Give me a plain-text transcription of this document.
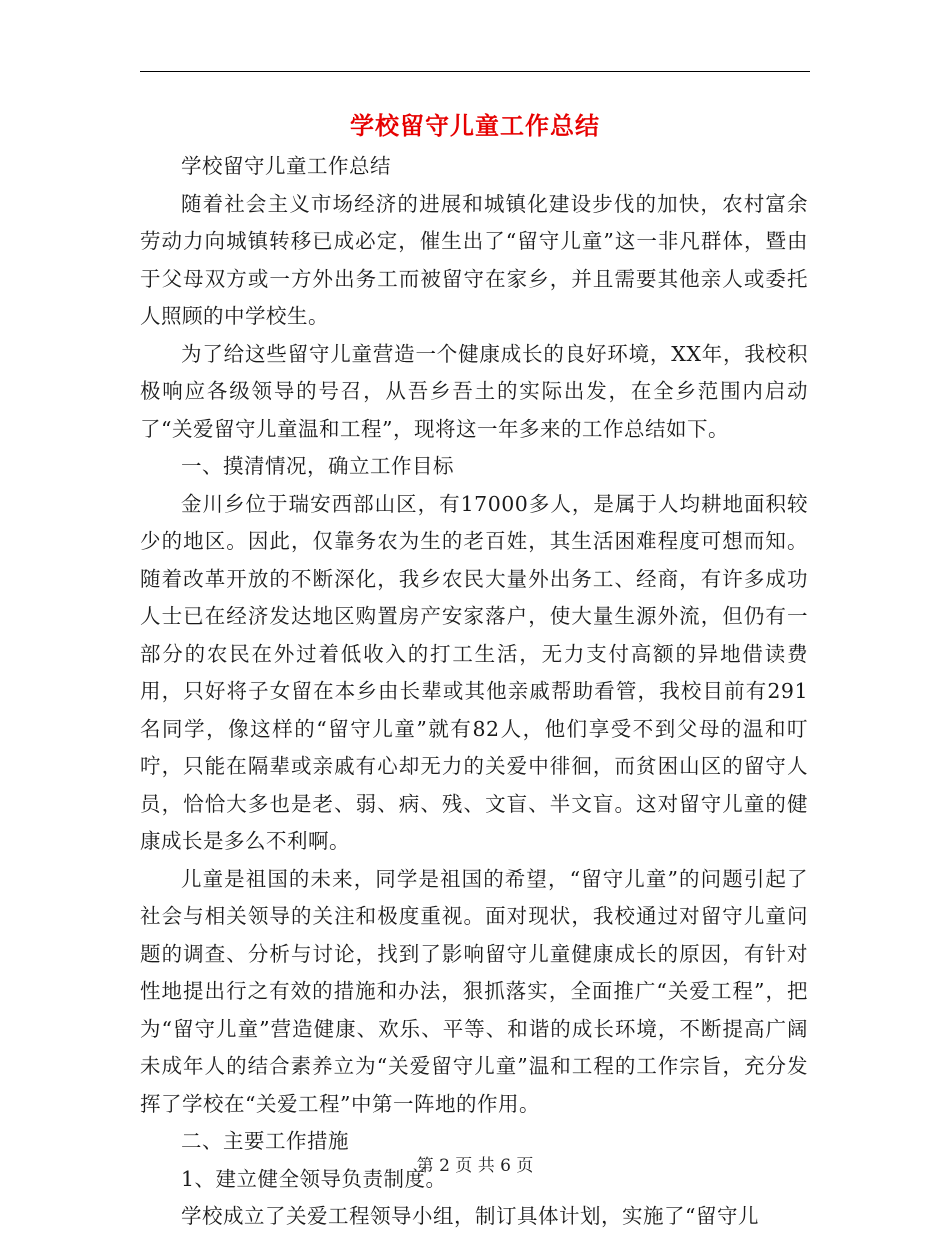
学校留守儿童工作总结

学校留守儿童工作总结

随着社会主义市场经济的进展和城镇化建设步伐的加快，农村富余劳动力向城镇转移已成必定，催生出了“留守儿童”这一非凡群体，暨由于父母双方或一方外出务工而被留守在家乡，并且需要其他亲人或委托人照顾的中学校生。

为了给这些留守儿童营造一个健康成长的良好环境，XX年，我校积极响应各级领导的号召，从吾乡吾土的实际出发，在全乡范围内启动了“关爱留守儿童温和工程”，现将这一年多来的工作总结如下。

一、摸清情况，确立工作目标

金川乡位于瑞安西部山区，有17000多人，是属于人均耕地面积较少的地区。因此，仅靠务农为生的老百姓，其生活困难程度可想而知。随着改革开放的不断深化，我乡农民大量外出务工、经商，有许多成功人士已在经济发达地区购置房产安家落户，使大量生源外流，但仍有一部分的农民在外过着低收入的打工生活，无力支付高额的异地借读费用，只好将子女留在本乡由长辈或其他亲戚帮助看管，我校目前有291名同学，像这样的“留守儿童”就有82人，他们享受不到父母的温和叮咛，只能在隔辈或亲戚有心却无力的关爱中徘徊，而贫困山区的留守人员，恰恰大多也是老、弱、病、残、文盲、半文盲。这对留守儿童的健康成长是多么不利啊。

儿童是祖国的未来，同学是祖国的希望，“留守儿童”的问题引起了社会与相关领导的关注和极度重视。面对现状，我校通过对留守儿童问题的调查、分析与讨论，找到了影响留守儿童健康成长的原因，有针对性地提出行之有效的措施和办法，狠抓落实，全面推广“关爱工程”，把为“留守儿童”营造健康、欢乐、平等、和谐的成长环境，不断提高广阔未成年人的结合素养立为“关爱留守儿童”温和工程的工作宗旨，充分发挥了学校在“关爱工程”中第一阵地的作用。

二、主要工作措施

1、建立健全领导负责制度。

学校成立了关爱工程领导小组，制订具体计划，实施了“留守儿

第 2 页 共 6 页
